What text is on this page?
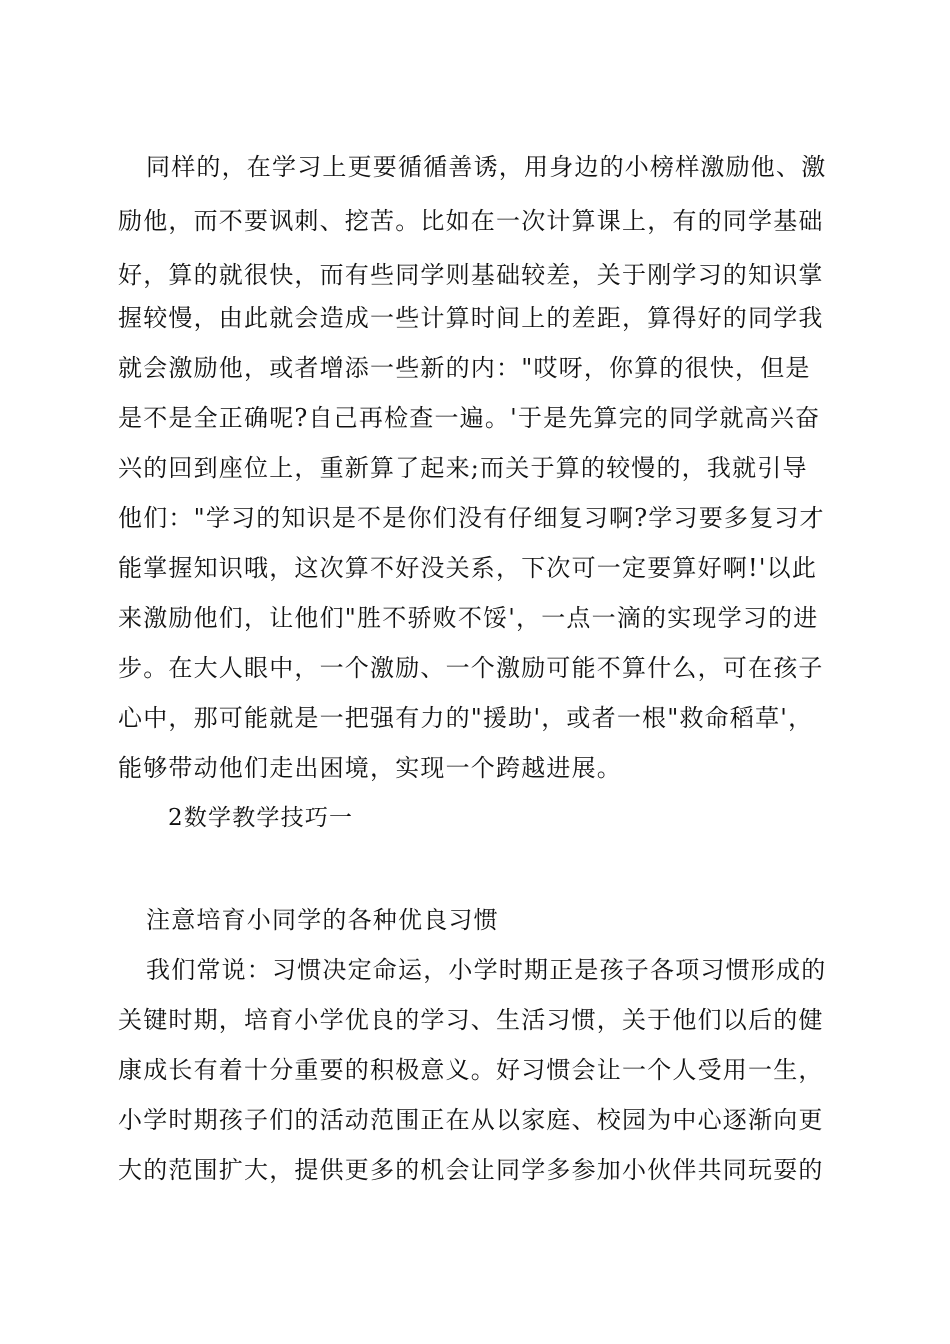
同样的，在学习上更要循循善诱，用身边的小榜样激励他、激
励他，而不要讽刺、挖苦。比如在一次计算课上，有的同学基础
好，算的就很快，而有些同学则基础较差，关于刚学习的知识掌
握较慢，由此就会造成一些计算时间上的差距，算得好的同学我
就会激励他，或者增添一些新的内："哎呀，你算的很快，但是
是不是全正确呢?自己再检查一遍。'于是先算完的同学就高兴奋
兴的回到座位上，重新算了起来;而关于算的较慢的，我就引导
他们："学习的知识是不是你们没有仔细复习啊?学习要多复习才
能掌握知识哦，这次算不好没关系，下次可一定要算好啊!'以此
来激励他们，让他们"胜不骄败不馁'，一点一滴的实现学习的进
步。在大人眼中，一个激励、一个激励可能不算什么，可在孩子
心中，那可能就是一把强有力的"援助'，或者一根"救命稻草'，
能够带动他们走出困境，实现一个跨越进展。
2数学教学技巧一
注意培育小同学的各种优良习惯
我们常说：习惯决定命运，小学时期正是孩子各项习惯形成的
关键时期，培育小学优良的学习、生活习惯，关于他们以后的健
康成长有着十分重要的积极意义。好习惯会让一个人受用一生，
小学时期孩子们的活动范围正在从以家庭、校园为中心逐渐向更
大的范围扩大，提供更多的机会让同学多参加小伙伴共同玩耍的
